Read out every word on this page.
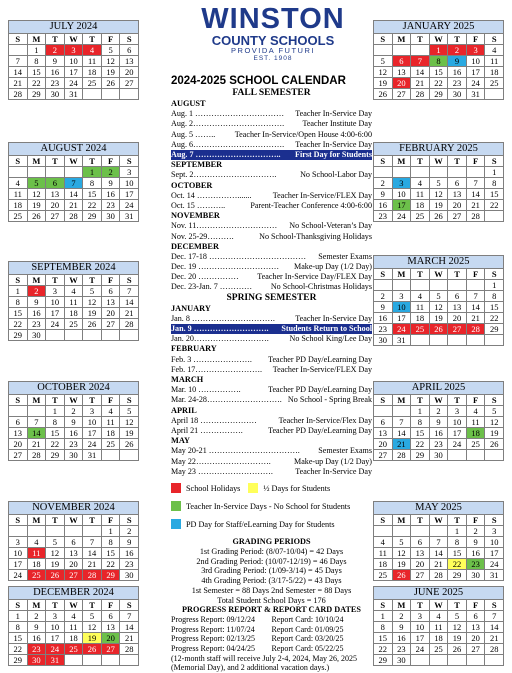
WINSTON
COUNTY SCHOOLS
PROVIDA FUTURI
EST. 1908
JULY 2024
S	M	T	W	T	F	S
	1	2	3	4	5	6
7	8	9	10	11	12	13
14	15	16	17	18	19	20
21	22	23	24	25	26	27
28	29	30	31			
AUGUST 2024
S	M	T	W	T	F	S
				1	2	3
4	5	6	7	8	9	10
11	12	13	14	15	16	17
18	19	20	21	22	23	24
25	26	27	28	29	30	31
SEPTEMBER 2024
S	M	T	W	T	F	S
1	2	3	4	5	6	7
8	9	10	11	12	13	14
15	16	17	18	19	20	21
22	23	24	25	26	27	28
29	30					
OCTOBER 2024
S	M	T	W	T	F	S
		1	2	3	4	5
6	7	8	9	10	11	12
13	14	15	16	17	18	19
20	21	22	23	24	25	26
27	28	29	30	31		
NOVEMBER 2024
S	M	T	W	T	F	S
					1	2
3	4	5	6	7	8	9
10	11	12	13	14	15	16
17	18	19	20	21	22	23
24	25	26	27	28	29	30
DECEMBER 2024
S	M	T	W	T	F	S
1	2	3	4	5	6	7
8	9	10	11	12	13	14
15	16	17	18	19	20	21
22	23	24	25	26	27	28
29	30	31				
JANUARY 2025
S	M	T	W	T	F	S
			1	2	3	4
5	6	7	8	9	10	11
12	13	14	15	16	17	18
19	20	21	22	23	24	25
26	27	28	29	30	31	
FEBRUARY 2025
S	M	T	W	T	F	S
						1
2	3	4	5	6	7	8
9	10	11	12	13	14	15
16	17	18	19	20	21	22
23	24	25	26	27	28	
MARCH 2025
S	M	T	W	T	F	S
						1
2	3	4	5	6	7	8
9	10	11	12	13	14	15
16	17	18	19	20	21	22
23	24	25	26	27	28	29
30	31					
APRIL 2025
S	M	T	W	T	F	S
		1	2	3	4	5
6	7	8	9	10	11	12
13	14	15	16	17	18	19
20	21	22	23	24	25	26
27	28	29	30			
MAY 2025
S	M	T	W	T	F	S
				1	2	3
4	5	6	7	8	9	10
11	12	13	14	15	16	17
18	19	20	21	22	23	24
25	26	27	28	29	30	31
JUNE 2025
S	M	T	W	T	F	S
1	2	3	4	5	6	7
8	9	10	11	12	13	14
15	16	17	18	19	20	21
22	23	24	25	26	27	28
29	30					
2024-2025 SCHOOL CALENDAR
FALL SEMESTER
AUGUST
Aug. 1 ……………………………	Teacher In-Service Day
Aug. 2…………………………….	Teacher Institute Day
Aug. 5 ……..	Teacher In-Service/Open House 4:00-6:00
Aug. 6…………………………….	Teacher In-Service Day
Aug. 7 …………………………..	First Day for Students
SEPTEMBER
Sept. 2………………………….	No School-Labor Day
OCTOBER
Oct. 14 …………….......	Teacher In-Service/FLEX Day
Oct. 15 ………..	Parent-Teacher Conference 4:00-6:00
NOVEMBER
Nov. 11…………………………	No School-Veteran’s Day
Nov. 25-29……….	No School-Thanksgiving Holidays
DECEMBER
Dec. 17-18 ………………………………	Semester Exams
Dec. 19 …………………………	Make-up Day (1/2 Day)
Dec. 20 ……………	Teacher In-Service Day/FLEX Day
Dec. 23-Jan. 7 …………	No School-Christmas Holidays
SPRING SEMESTER
JANUARY
Jan. 8 ………………………….	Teacher In-Service Day
Jan. 9 ……………………….	Students Return to School
Jan. 20……………………….	No School King/Lee Day
FEBRUARY
Feb. 3 ………………….	Teacher PD Day/eLearning Day
Feb. 17…………………….	Teacher In-Service/FLEX Day
MARCH
Mar. 10 …………….	Teacher PD Day/eLearning Day
Mar. 24-28………………………. No School - Spring Break
APRIL
April 18 …………………	Teacher In-Service/Flex Day
April 21 …………….	Teacher PD Day/eLearning Day
MAY
May 20-21 …………………………….	Semester Exams
May 22……………………….	Make-up Day (1/2 Day)
May 23 ……………………….	Teacher In-Service Day
School Holidays	½ Days for Students
Teacher In-Service Days - No School for Students
PD Day for Staff/eLearning Day for Students
GRADING PERIODS
1st Grading Period: (8/07-10/04) = 42 Days
2nd Grading Period: (10/07-12/19) = 46 Days
3rd Grading Period: (1/09-3/14) = 45 Days
4th Grading Period: (3/17-5/22) = 43 Days
1st Semester = 88 Days 2nd Semester = 88 Days
Total Student School Days = 176
PROGRESS REPORT & REPORT CARD DATES
Progress Report: 09/12/24	Report Card: 10/10/24
Progress Report: 11/07/24	Report Card: 01/09/25
Progress Report: 02/13/25	Report Card: 03/20/25
Progress Report: 04/24/25	Report Card: 05/22/25
(12-month staff will receive July 2-4, 2024, May 26, 2025 (Memorial Day), and 2 additional vacation days.)
